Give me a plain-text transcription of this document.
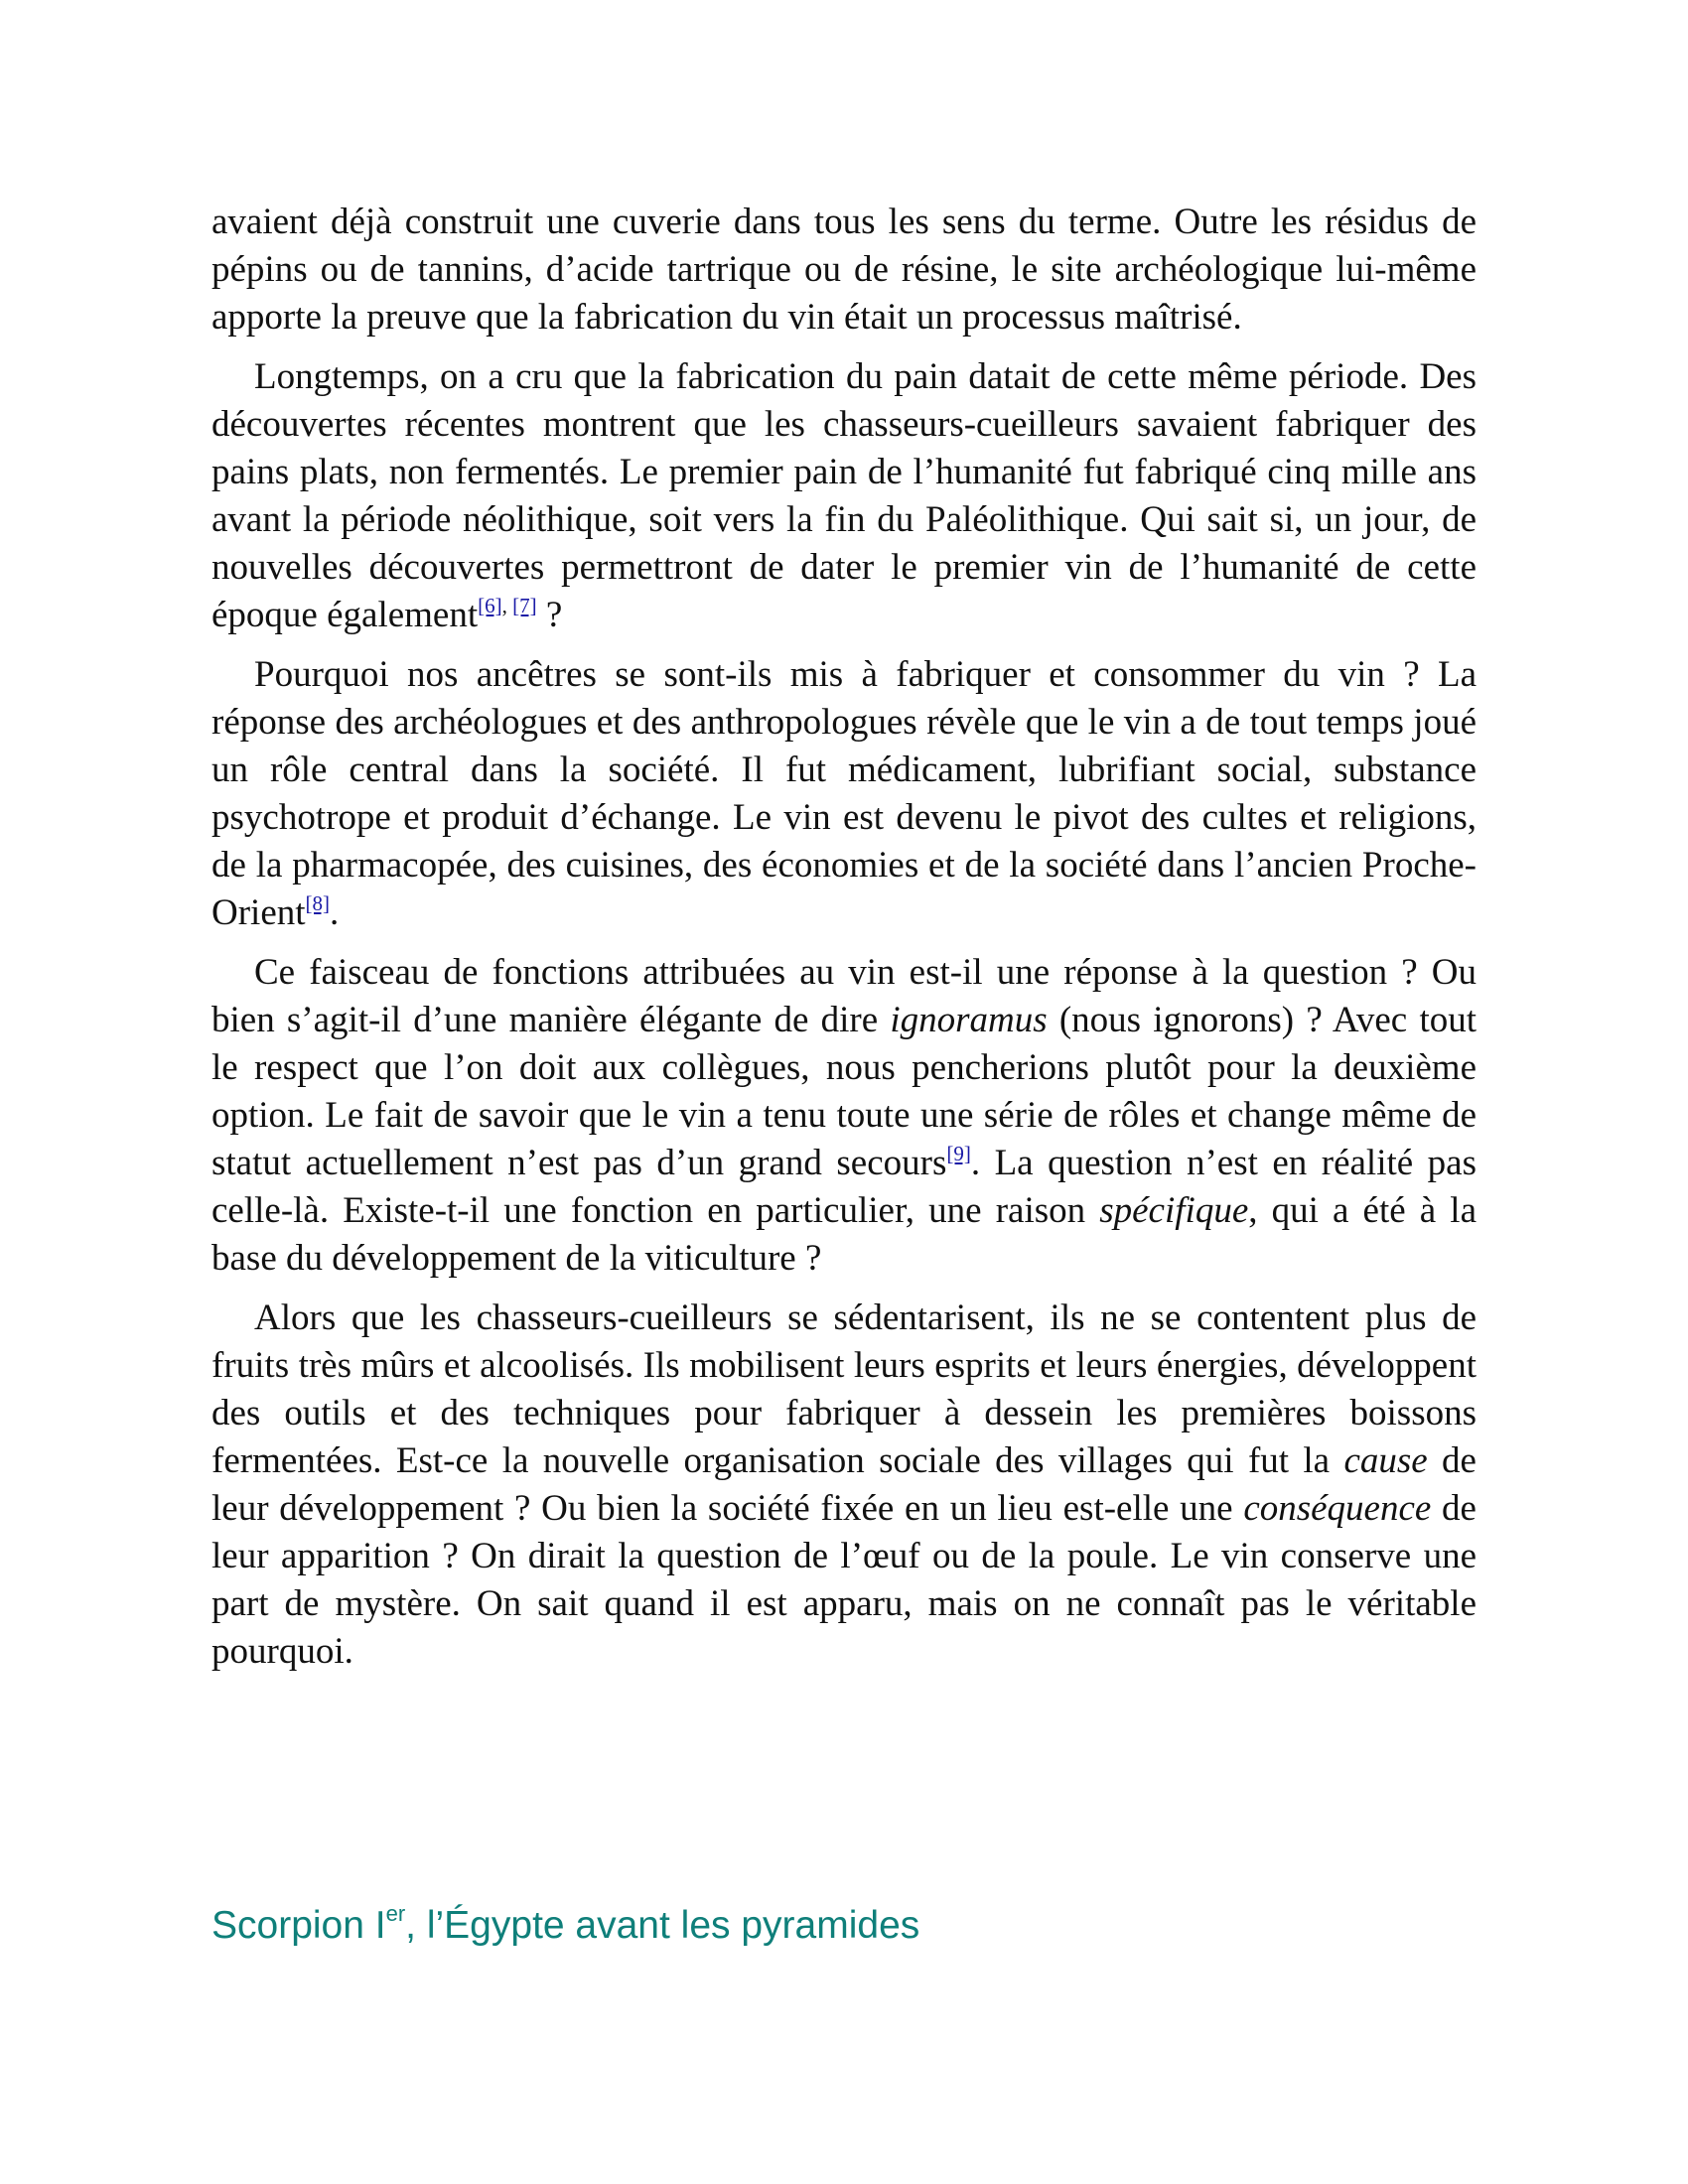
avaient déjà construit une cuverie dans tous les sens du terme. Outre les résidus de pépins ou de tannins, d’acide tartrique ou de résine, le site archéologique lui-même apporte la preuve que la fabrication du vin était un processus maîtrisé.

Longtemps, on a cru que la fabrication du pain datait de cette même période. Des découvertes récentes montrent que les chasseurs-cueilleurs savaient fabriquer des pains plats, non fermentés. Le premier pain de l’humanité fut fabriqué cinq mille ans avant la période néolithique, soit vers la fin du Paléolithique. Qui sait si, un jour, de nouvelles découvertes permettront de dater le premier vin de l’humanité de cette époque également$^{[6],}$ [7] ?

Pourquoi nos ancêtres se sont-ils mis à fabriquer et consommer du vin ? La réponse des archéologues et des anthropologues révèle que le vin a de tout temps joué un rôle central dans la société. Il fut médicament, lubrifiant social, substance psychotrope et produit d’échange. Le vin est devenu le pivot des cultes et religions, de la pharmacopée, des cuisines, des économies et de la société dans l’ancien Proche-Orient[8].

Ce faisceau de fonctions attribuées au vin est-il une réponse à la question ? Ou bien s’agit-il d’une manière élégante de dire ignoramus (nous ignorons) ? Avec tout le respect que l’on doit aux collègues, nous pencherions plutôt pour la deuxième option. Le fait de savoir que le vin a tenu toute une série de rôles et change même de statut actuellement n’est pas d’un grand secours[9]. La question n’est en réalité pas celle-là. Existe-t-il une fonction en particulier, une raison spécifique, qui a été à la base du développement de la viticulture ?

Alors que les chasseurs-cueilleurs se sédentarisent, ils ne se contentent plus de fruits très mûrs et alcoolisés. Ils mobilisent leurs esprits et leurs énergies, développent des outils et des techniques pour fabriquer à dessein les premières boissons fermentées. Est-ce la nouvelle organisation sociale des villages qui fut la cause de leur développement ? Ou bien la société fixée en un lieu est-elle une conséquence de leur apparition ? On dirait la question de l’œuf ou de la poule. Le vin conserve une part de mystère. On sait quand il est apparu, mais on ne connaît pas le véritable pourquoi.

Scorpion Ier, l’Égypte avant les pyramides
